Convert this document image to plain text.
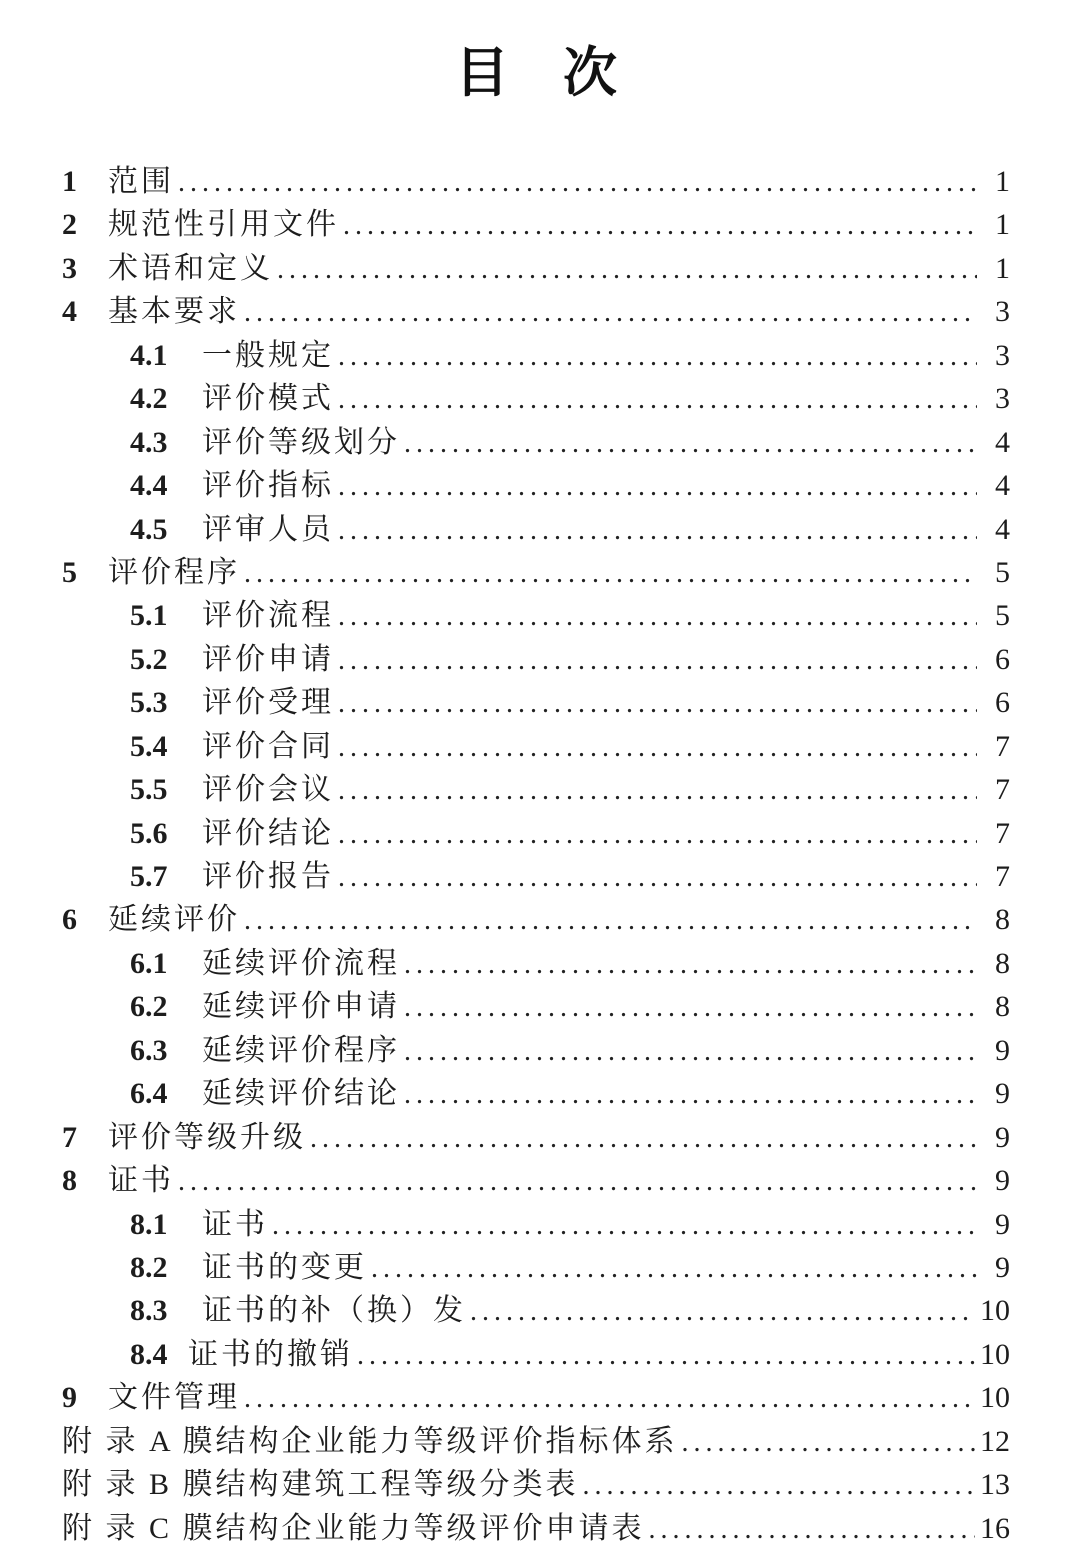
目　次
1	范围 .....	1
2	规范性引用文件 .....	1
3	术语和定义 .....	1
4	基本要求 .....	3
4.1	一般规定 .....	3
4.2	评价模式 .....	3
4.3	评价等级划分 .....	4
4.4	评价指标 .....	4
4.5	评审人员 .....	4
5	评价程序 .....	5
5.1	评价流程 .....	5
5.2	评价申请 .....	6
5.3	评价受理 .....	6
5.4	评价合同 .....	7
5.5	评价会议 .....	7
5.6	评价结论 .....	7
5.7	评价报告 .....	7
6	延续评价 .....	8
6.1	延续评价流程 .....	8
6.2	延续评价申请 .....	8
6.3	延续评价程序 .....	9
6.4	延续评价结论 .....	9
7	评价等级升级 .....	9
8	证书 .....	9
8.1	证书 .....	9
8.2	证书的变更 .....	9
8.3	证书的补（换）发 .....	10
8.4 证书的撤销 .....	10
9	文件管理 .....	10
附 录 A 膜结构企业能力等级评价指标体系 .....	12
附 录 B 膜结构建筑工程等级分类表 .....	13
附 录 C 膜结构企业能力等级评价申请表 .....	16
